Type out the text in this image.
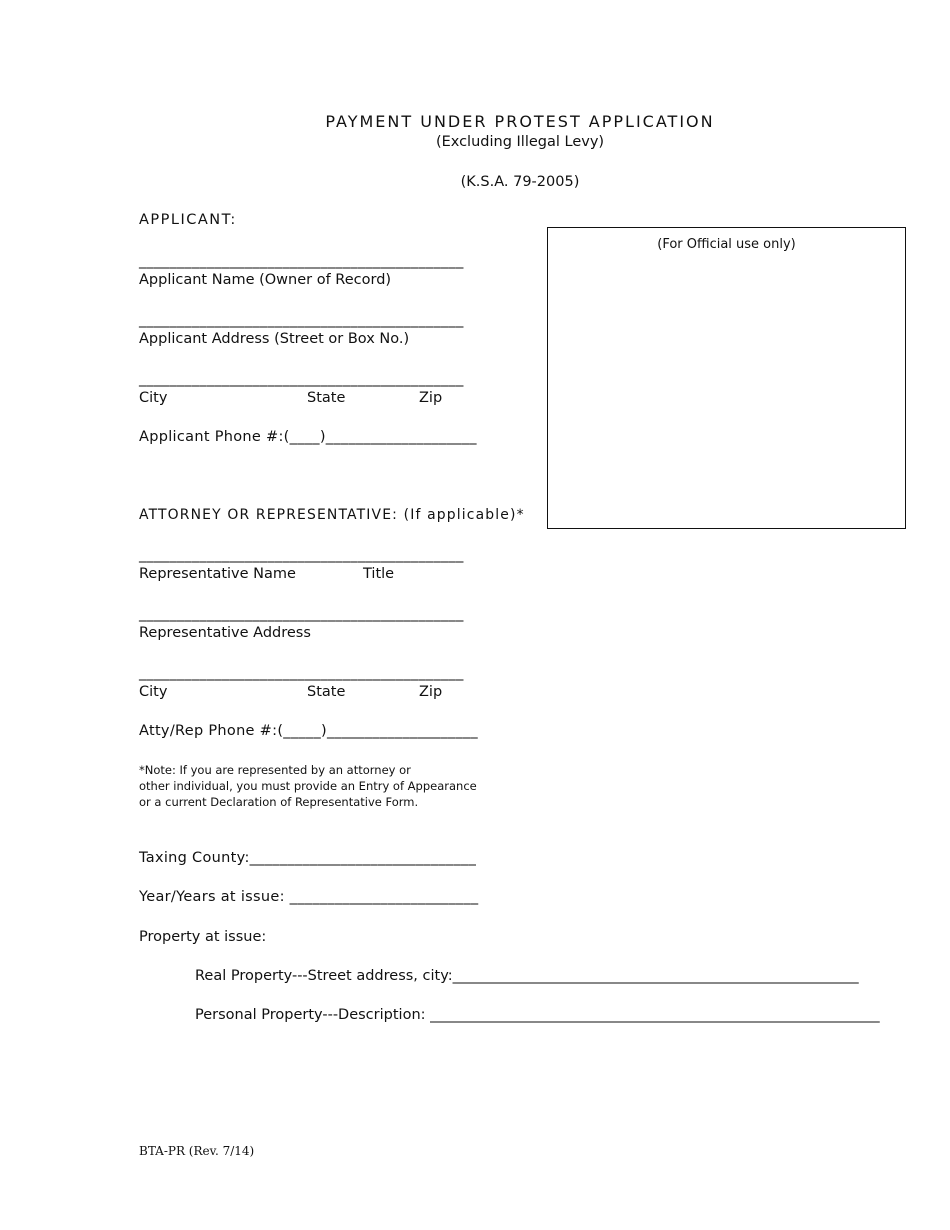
PAYMENT UNDER PROTEST APPLICATION
(Excluding Illegal Levy)
(K.S.A. 79-2005)
(For Official use only)
APPLICANT:
___________________________________________
Applicant Name (Owner of Record)
___________________________________________
Applicant Address (Street or Box No.)
___________________________________________
City	State	Zip
Applicant Phone #:(____)____________________
ATTORNEY OR REPRESENTATIVE: (If applicable)*
___________________________________________
Representative Name	Title
___________________________________________
Representative Address
___________________________________________
City	State	Zip
Atty/Rep Phone #:(_____)____________________
*Note: If you are represented by an attorney or
other individual, you must provide an Entry of Appearance
or a current Declaration of Representative Form.
Taxing County:______________________________
Year/Years at issue: _________________________
Property at issue:
Real Property---Street address, city:________________________________________________________
Personal Property---Description: ______________________________________________________________
BTA-PR (Rev. 7/14)
